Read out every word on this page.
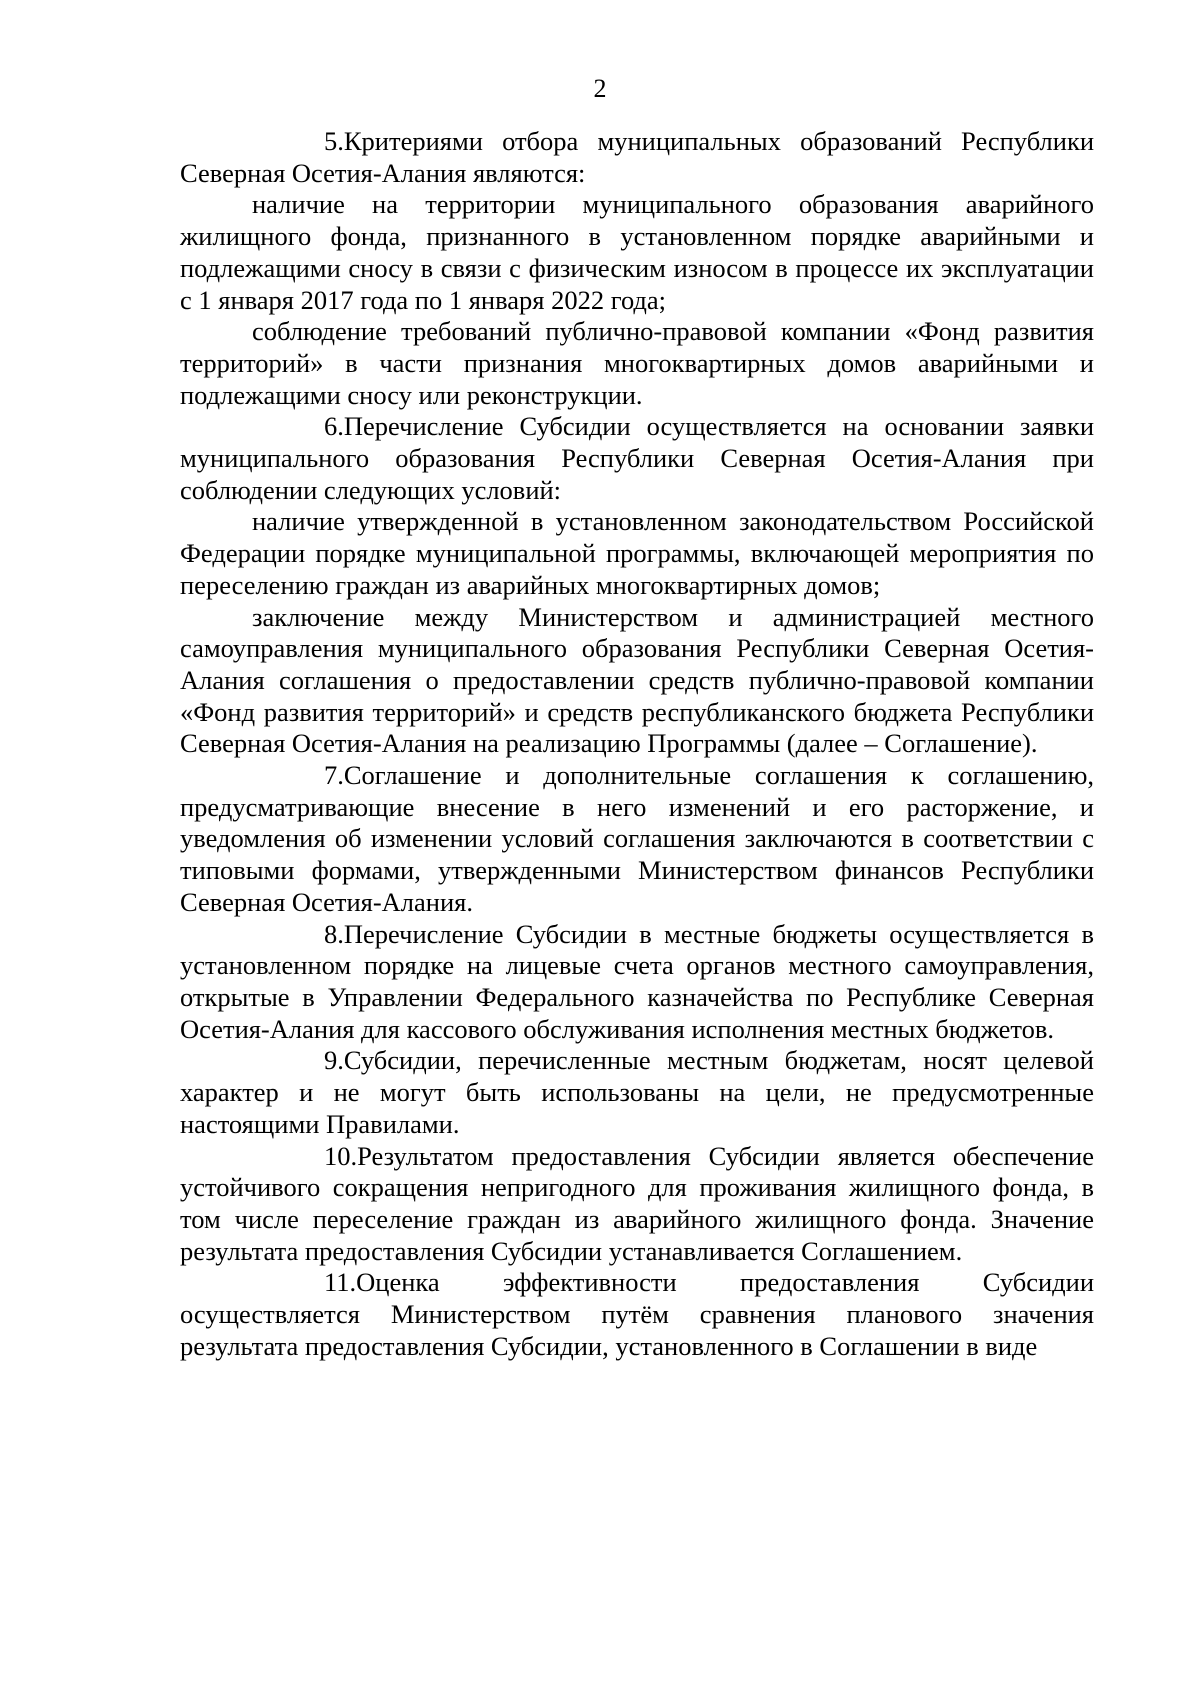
2

5.Критериями отбора муниципальных образований Республики Северная Осетия-Алания являются:

наличие на территории муниципального образования аварийного жилищного фонда, признанного в установленном порядке аварийными и подлежащими сносу в связи с физическим износом в процессе их эксплуатации с 1 января 2017 года по 1 января 2022 года;

соблюдение требований публично-правовой компании «Фонд развития территорий» в части признания многоквартирных домов аварийными и подлежащими сносу или реконструкции.

6.Перечисление Субсидии осуществляется на основании заявки муниципального образования Республики Северная Осетия-Алания при соблюдении следующих условий:

наличие утвержденной в установленном законодательством Российской Федерации порядке муниципальной программы, включающей мероприятия по переселению граждан из аварийных многоквартирных домов;

заключение между Министерством и администрацией местного самоуправления муниципального образования Республики Северная Осетия-Алания соглашения о предоставлении средств публично-правовой компании «Фонд развития территорий» и средств республиканского бюджета Республики Северная Осетия-Алания на реализацию Программы (далее – Соглашение).

7.Соглашение и дополнительные соглашения к соглашению, предусматривающие внесение в него изменений и его расторжение, и уведомления об изменении условий соглашения заключаются в соответствии с типовыми формами, утвержденными Министерством финансов Республики Северная Осетия-Алания.

8.Перечисление Субсидии в местные бюджеты осуществляется в установленном порядке на лицевые счета органов местного самоуправления, открытые в Управлении Федерального казначейства по Республике Северная Осетия-Алания для кассового обслуживания исполнения местных бюджетов.

9.Субсидии, перечисленные местным бюджетам, носят целевой характер и не могут быть использованы на цели, не предусмотренные настоящими Правилами.

10.Результатом предоставления Субсидии является обеспечение устойчивого сокращения непригодного для проживания жилищного фонда, в том числе переселение граждан из аварийного жилищного фонда. Значение результата предоставления Субсидии устанавливается Соглашением.

11.Оценка эффективности предоставления Субсидии осуществляется Министерством путём сравнения планового значения результата предоставления Субсидии, установленного в Соглашении в виде
